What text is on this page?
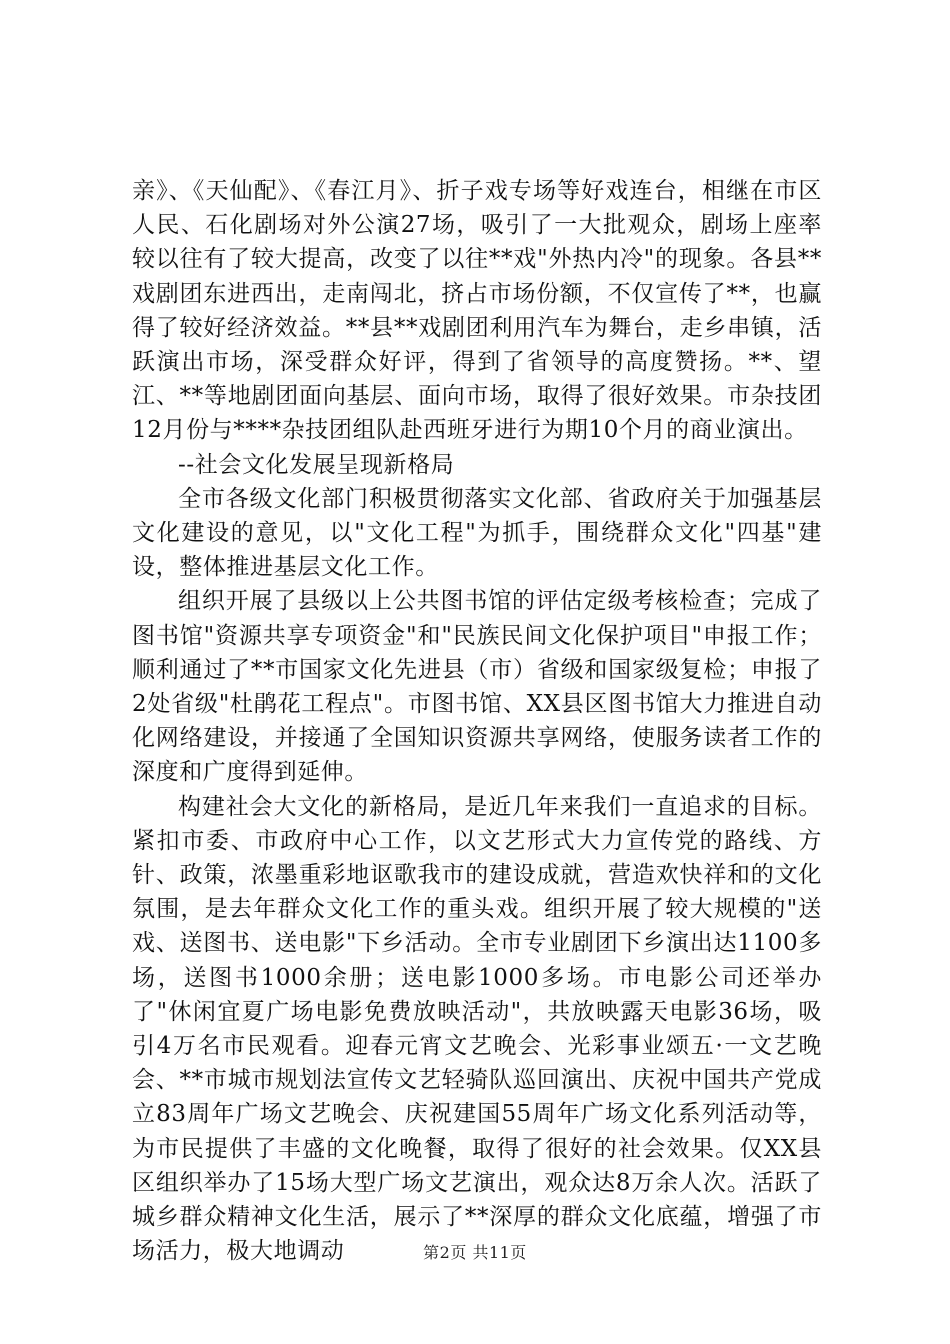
亲》、《天仙配》、《春江月》、折子戏专场等好戏连台，相继在市区人民、石化剧场对外公演27场，吸引了一大批观众，剧场上座率较以往有了较大提高，改变了以往**戏"外热内冷"的现象。各县**戏剧团东进西出，走南闯北，挤占市场份额，不仅宣传了**，也赢得了较好经济效益。**县**戏剧团利用汽车为舞台，走乡串镇，活跃演出市场，深受群众好评，得到了省领导的高度赞扬。**、望江、**等地剧团面向基层、面向市场，取得了很好效果。市杂技团12月份与****杂技团组队赴西班牙进行为期10个月的商业演出。

--社会文化发展呈现新格局

全市各级文化部门积极贯彻落实文化部、省政府关于加强基层文化建设的意见，以"文化工程"为抓手，围绕群众文化"四基"建设，整体推进基层文化工作。

组织开展了县级以上公共图书馆的评估定级考核检查；完成了图书馆"资源共享专项资金"和"民族民间文化保护项目"申报工作；顺利通过了**市国家文化先进县（市）省级和国家级复检；申报了2处省级"杜鹃花工程点"。市图书馆、XX县区图书馆大力推进自动化网络建设，并接通了全国知识资源共享网络，使服务读者工作的深度和广度得到延伸。

构建社会大文化的新格局，是近几年来我们一直追求的目标。紧扣市委、市政府中心工作，以文艺形式大力宣传党的路线、方针、政策，浓墨重彩地讴歌我市的建设成就，营造欢快祥和的文化氛围，是去年群众文化工作的重头戏。组织开展了较大规模的"送戏、送图书、送电影"下乡活动。全市专业剧团下乡演出达1100多场，送图书1000余册；送电影1000多场。市电影公司还举办了"休闲宜夏广场电影免费放映活动"，共放映露天电影36场，吸引4万名市民观看。迎春元宵文艺晚会、光彩事业颂五·一文艺晚会、**市城市规划法宣传文艺轻骑队巡回演出、庆祝中国共产党成立83周年广场文艺晚会、庆祝建国55周年广场文化系列活动等，为市民提供了丰盛的文化晚餐，取得了很好的社会效果。仅XX县区组织举办了15场大型广场文艺演出，观众达8万余人次。活跃了城乡群众精神文化生活，展示了**深厚的群众文化底蕴，增强了市场活力，极大地调动	第2页 共11页
